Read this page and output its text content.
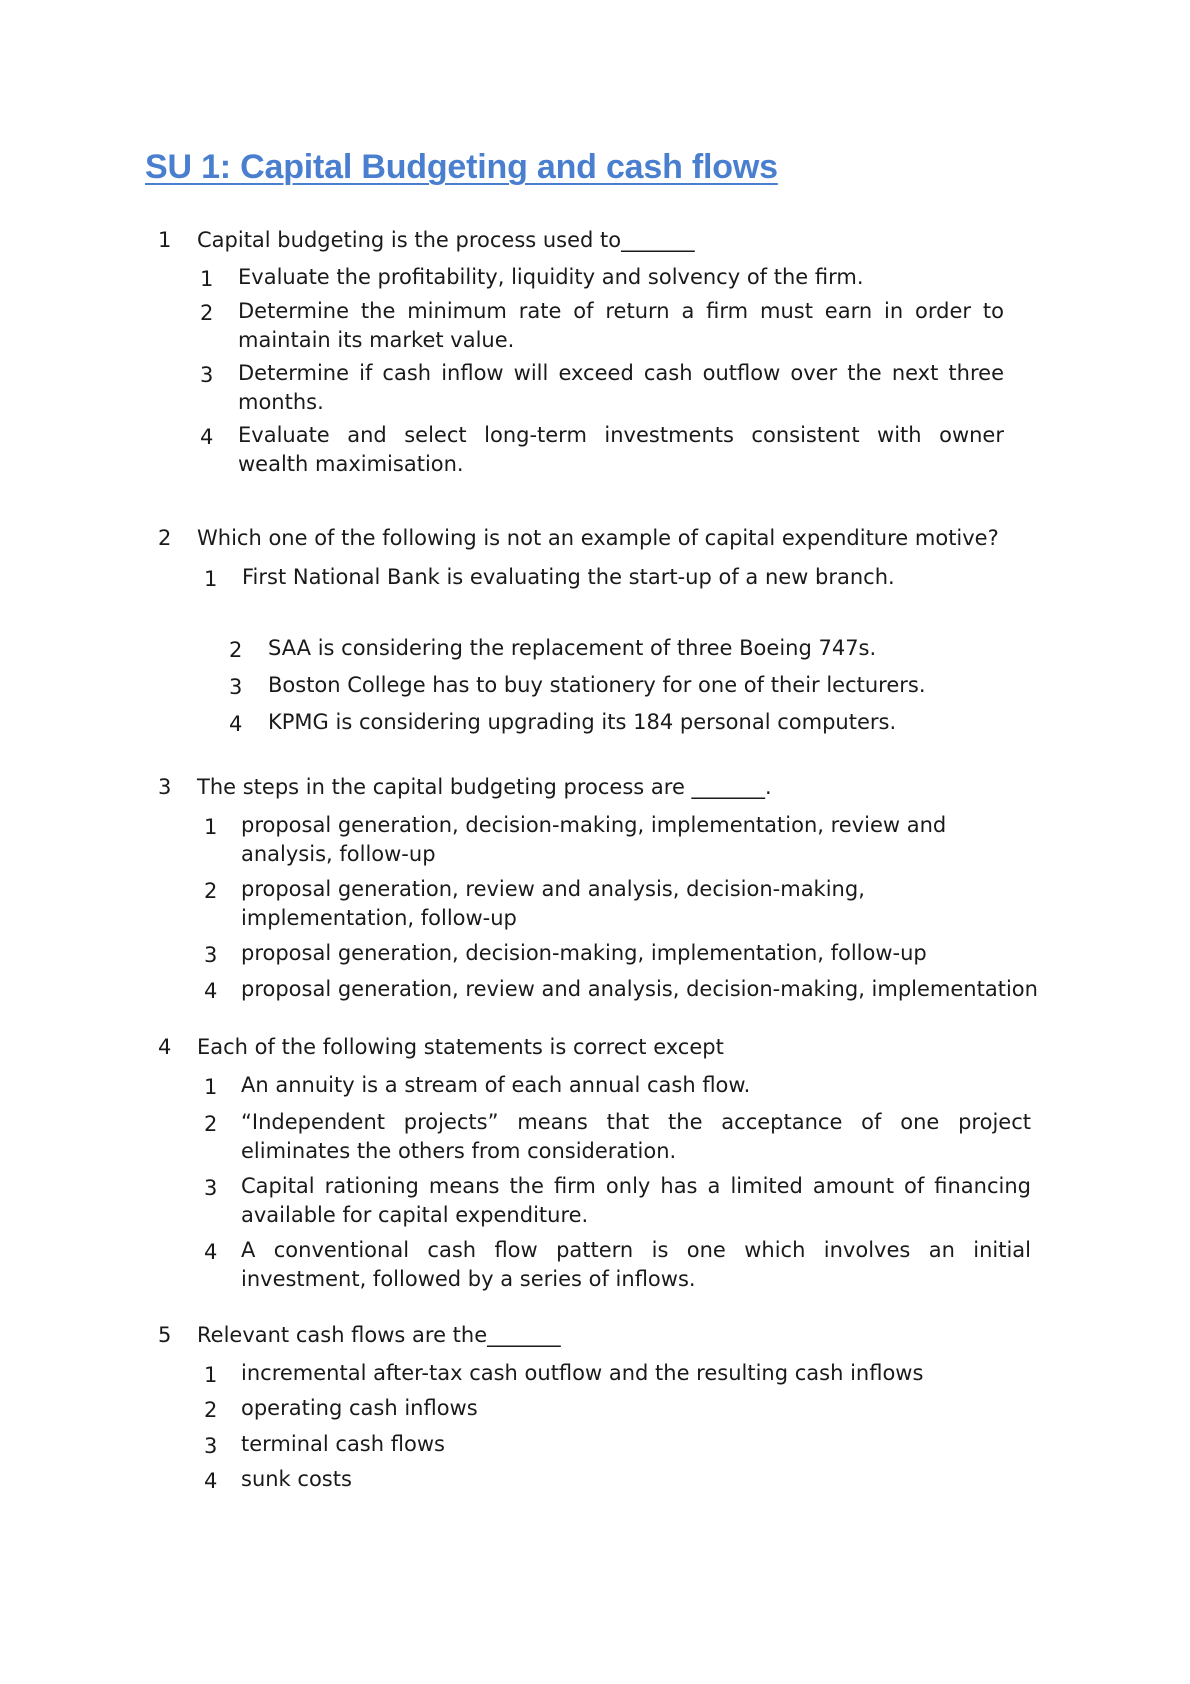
SU 1: Capital Budgeting and cash flows
1 Capital budgeting is the process used to_______
1 Evaluate the profitability, liquidity and solvency of the firm.
2 Determine the minimum rate of return a firm must earn in order to maintain its market value.
3 Determine if cash inflow will exceed cash outflow over the next three months.
4 Evaluate and select long-term investments consistent with owner wealth maximisation.
2 Which one of the following is not an example of capital expenditure motive?
1 First National Bank is evaluating the start-up of a new branch.
2 SAA is considering the replacement of three Boeing 747s.
3 Boston College has to buy stationery for one of their lecturers.
4 KPMG is considering upgrading its 184 personal computers.
3 The steps in the capital budgeting process are _______.
1 proposal generation, decision-making, implementation, review and analysis, follow-up
2 proposal generation, review and analysis, decision-making, implementation, follow-up
3 proposal generation, decision-making, implementation, follow-up
4 proposal generation, review and analysis, decision-making, implementation
4 Each of the following statements is correct except
1 An annuity is a stream of each annual cash flow.
2 “Independent projects” means that the acceptance of one project eliminates the others from consideration.
3 Capital rationing means the firm only has a limited amount of financing available for capital expenditure.
4 A conventional cash flow pattern is one which involves an initial investment, followed by a series of inflows.
5 Relevant cash flows are the_______
1 incremental after-tax cash outflow and the resulting cash inflows
2 operating cash inflows
3 terminal cash flows
4 sunk costs
